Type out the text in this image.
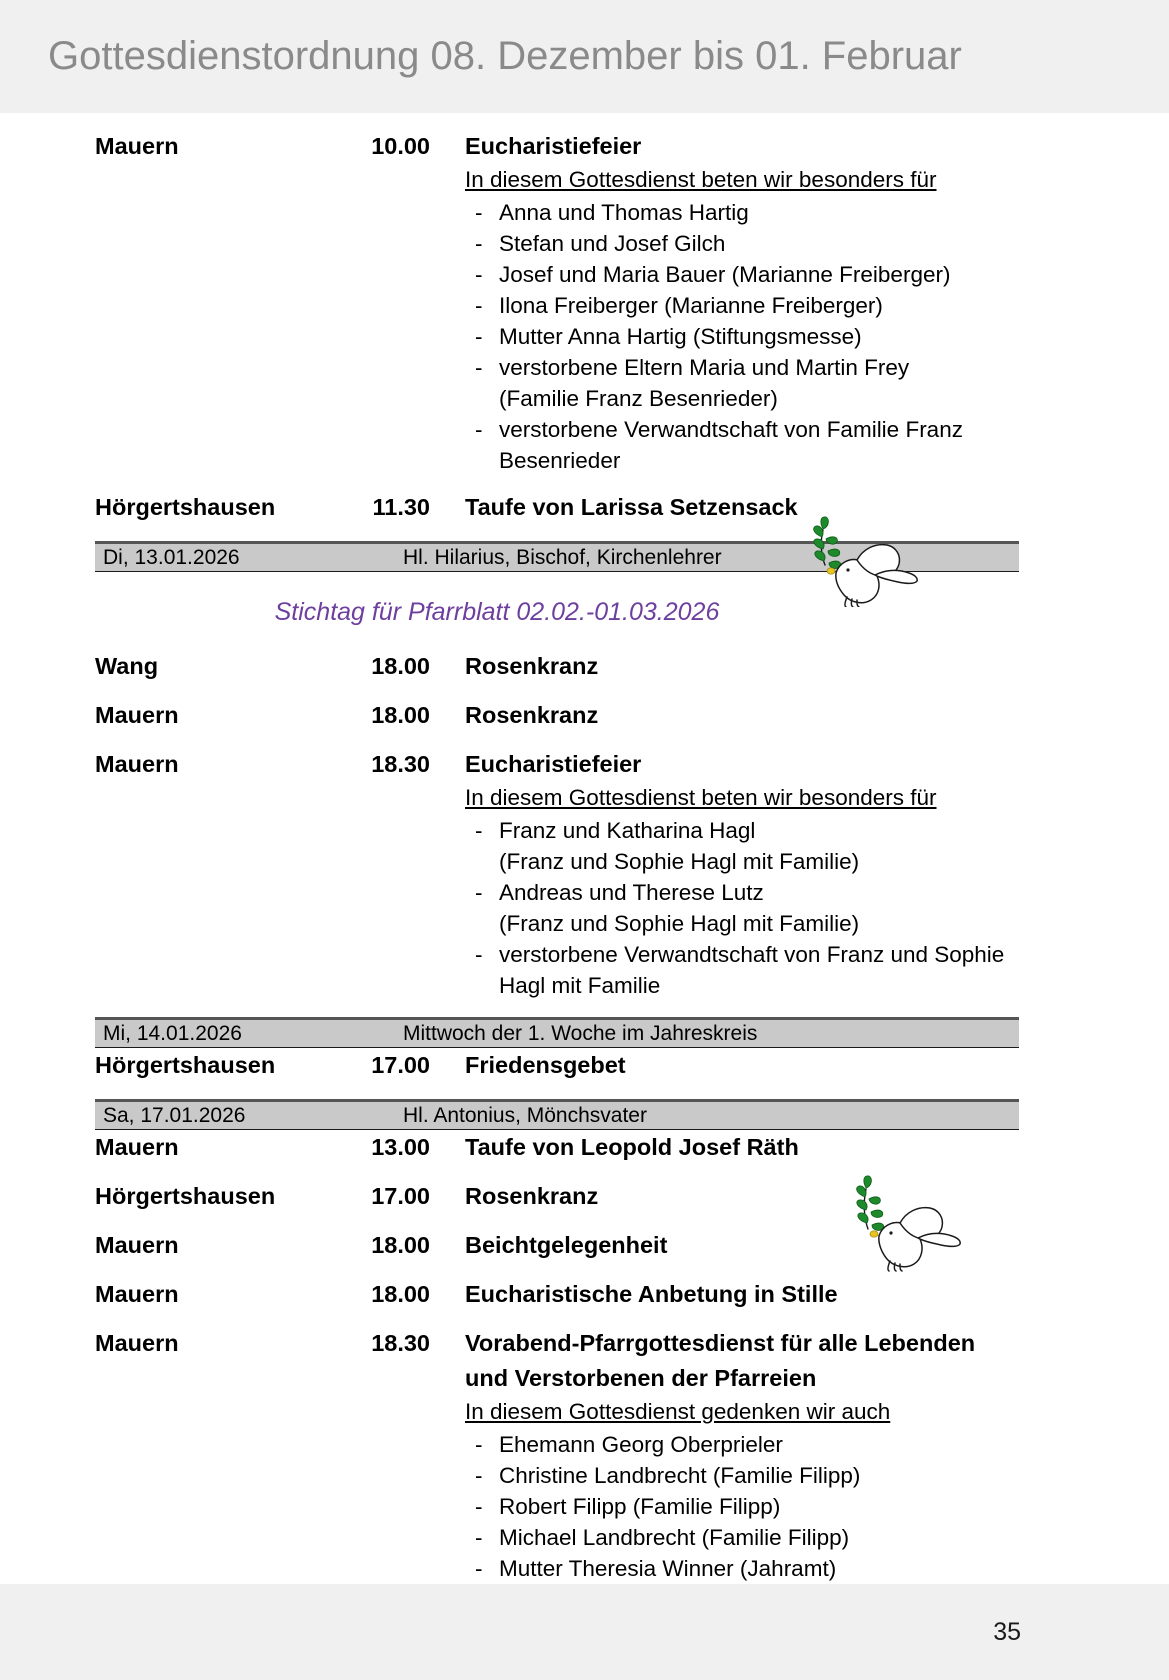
Gottesdienstordnung 08. Dezember bis 01. Februar
Mauern	10.00	Eucharistiefeier
In diesem Gottesdienst beten wir besonders für
- Anna und Thomas Hartig
- Stefan und Josef Gilch
- Josef und Maria Bauer (Marianne Freiberger)
- Ilona Freiberger (Marianne Freiberger)
- Mutter Anna Hartig (Stiftungsmesse)
- verstorbene Eltern Maria und Martin Frey
(Familie Franz Besenrieder)
- verstorbene Verwandtschaft von Familie Franz
Besenrieder
Hörgertshausen	11.30	Taufe von Larissa Setzensack
Di, 13.01.2026	Hl. Hilarius, Bischof, Kirchenlehrer
Stichtag für Pfarrblatt 02.02.-01.03.2026
Wang	18.00	Rosenkranz
Mauern	18.00	Rosenkranz
Mauern	18.30	Eucharistiefeier
In diesem Gottesdienst beten wir besonders für
- Franz und Katharina Hagl
(Franz und Sophie Hagl mit Familie)
- Andreas und Therese Lutz
(Franz und Sophie Hagl mit Familie)
- verstorbene Verwandtschaft von Franz und Sophie
Hagl mit Familie
Mi, 14.01.2026	Mittwoch der 1. Woche im Jahreskreis
Hörgertshausen	17.00	Friedensgebet
Sa, 17.01.2026	Hl. Antonius, Mönchsvater
Mauern	13.00	Taufe von Leopold Josef Räth
Hörgertshausen	17.00	Rosenkranz
Mauern	18.00	Beichtgelegenheit
Mauern	18.00	Eucharistische Anbetung in Stille
Mauern	18.30	Vorabend-Pfarrgottesdienst für alle Lebenden und Verstorbenen der Pfarreien
In diesem Gottesdienst gedenken wir auch
- Ehemann Georg Oberprieler
- Christine Landbrecht (Familie Filipp)
- Robert Filipp (Familie Filipp)
- Michael Landbrecht (Familie Filipp)
- Mutter Theresia Winner (Jahramt)
35
